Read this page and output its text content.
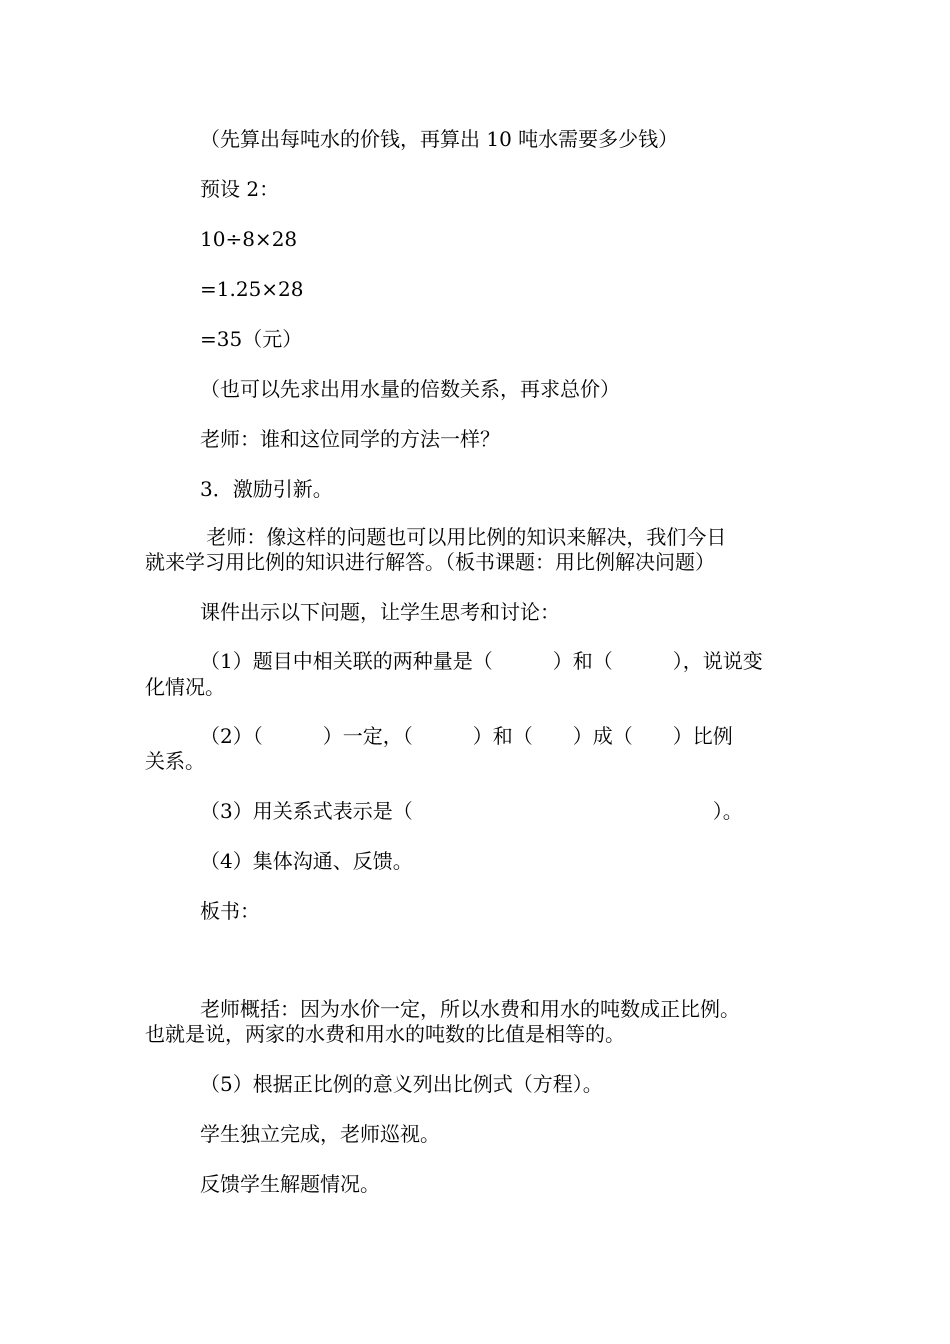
（先算出每吨水的价钱，再算出 10 吨水需要多少钱）

预设 2：

10÷8×28

=1.25×28

=35（元）

（也可以先求出用水量的倍数关系，再求总价）

老师：谁和这位同学的方法一样？

3．激励引新。

老师：像这样的问题也可以用比例的知识来解决，我们今日

就来学习用比例的知识进行解答。（板书课题：用比例解决问题）

课件出示以下问题，让学生思考和讨论：

（1）题目中相关联的两种量是（　　　）和（　　　），说说变

化情况。

（2）（　　　）一定，（　　　）和（　　）成（　　）比例

关系。

（3）用关系式表示是（　　　　　　　　　　　　　　　）。

（4）集体沟通、反馈。

板书：

老师概括：因为水价一定，所以水费和用水的吨数成正比例。

也就是说，两家的水费和用水的吨数的比值是相等的。

（5）根据正比例的意义列出比例式（方程）。

学生独立完成，老师巡视。

反馈学生解题情况。
